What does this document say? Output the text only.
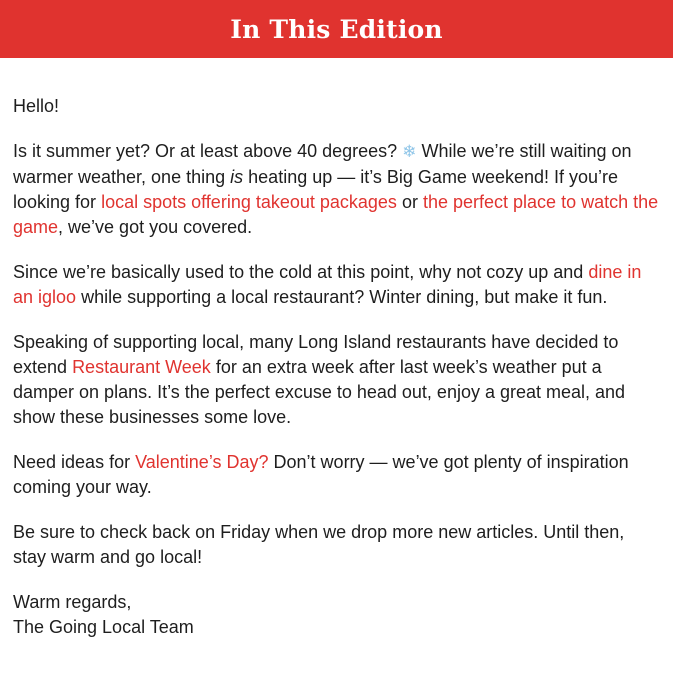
In This Edition

Hello!

Is it summer yet? Or at least above 40 degrees? ❄ While we’re still waiting on warmer weather, one thing is heating up — it’s Big Game weekend! If you’re looking for local spots offering takeout packages or the perfect place to watch the game, we’ve got you covered.

Since we’re basically used to the cold at this point, why not cozy up and dine in an igloo while supporting a local restaurant? Winter dining, but make it fun.

Speaking of supporting local, many Long Island restaurants have decided to extend Restaurant Week for an extra week after last week’s weather put a damper on plans. It’s the perfect excuse to head out, enjoy a great meal, and show these businesses some love.

Need ideas for Valentine’s Day? Don’t worry — we’ve got plenty of inspiration coming your way.

Be sure to check back on Friday when we drop more new articles. Until then, stay warm and go local!

Warm regards,
The Going Local Team
